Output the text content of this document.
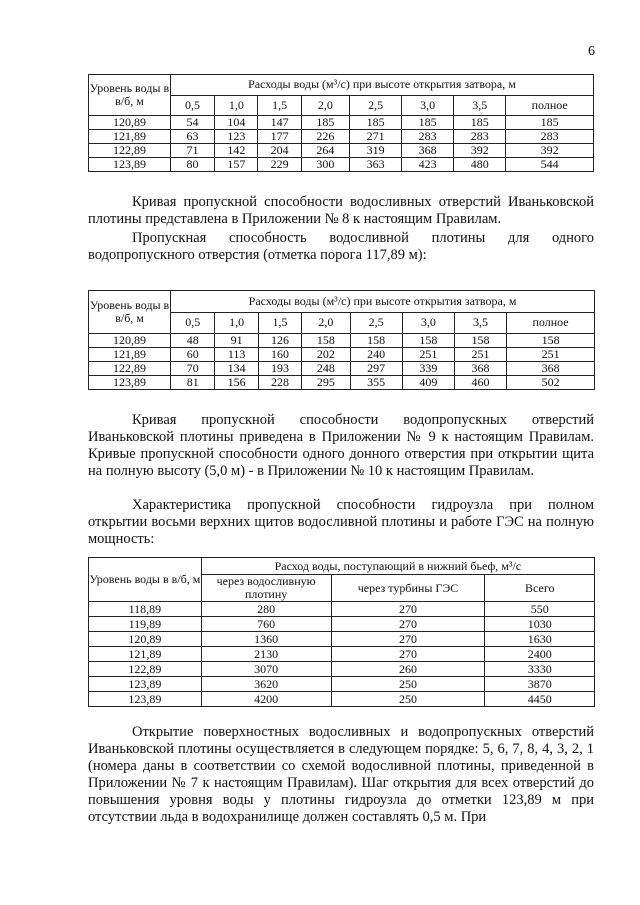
6
Уровень воды в в/б, м	Расходы воды (м³/с) при высоте открытия затвора, м							
	0,5	1,0	1,5	2,0	2,5	3,0	3,5	полное
120,89	54	104	147	185	185	185	185	185
121,89	63	123	177	226	271	283	283	283
122,89	71	142	204	264	319	368	392	392
123,89	80	157	229	300	363	423	480	544

Кривая пропускной способности водосливных отверстий Иваньковской плотины представлена в Приложении № 8 к настоящим Правилам.

Пропускная способность водосливной плотины для одного водопропускного отверстия (отметка порога 117,89 м):

Уровень воды в в/б, м	Расходы воды (м³/с) при высоте открытия затвора, м							
	0,5	1,0	1,5	2,0	2,5	3,0	3,5	полное
120,89	48	91	126	158	158	158	158	158
121,89	60	113	160	202	240	251	251	251
122,89	70	134	193	248	297	339	368	368
123,89	81	156	228	295	355	409	460	502

Кривая пропускной способности водопропускных отверстий Иваньковской плотины приведена в Приложении № 9 к настоящим Правилам. Кривые пропускной способности одного донного отверстия при открытии щита на полную высоту (5,0 м) - в Приложении № 10 к настоящим Правилам.

Характеристика пропускной способности гидроузла при полном открытии восьми верхних щитов водосливной плотины и работе ГЭС на полную мощность:

Уровень воды в в/б, м	Расход воды, поступающий в нижний бьеф, м³/с		
	через водосливную плотину	через турбины ГЭС	Всего
118,89	280	270	550
119,89	760	270	1030
120,89	1360	270	1630
121,89	2130	270	2400
122,89	3070	260	3330
123,89	3620	250	3870
123,89	4200	250	4450

Открытие поверхностных водосливных и водопропускных отверстий Иваньковской плотины осуществляется в следующем порядке: 5, 6, 7, 8, 4, 3, 2, 1 (номера даны в соответствии со схемой водосливной плотины, приведенной в Приложении № 7 к настоящим Правилам). Шаг открытия для всех отверстий до повышения уровня воды у плотины гидроузла до отметки 123,89 м при отсутствии льда в водохранилище должен составлять 0,5 м. При
